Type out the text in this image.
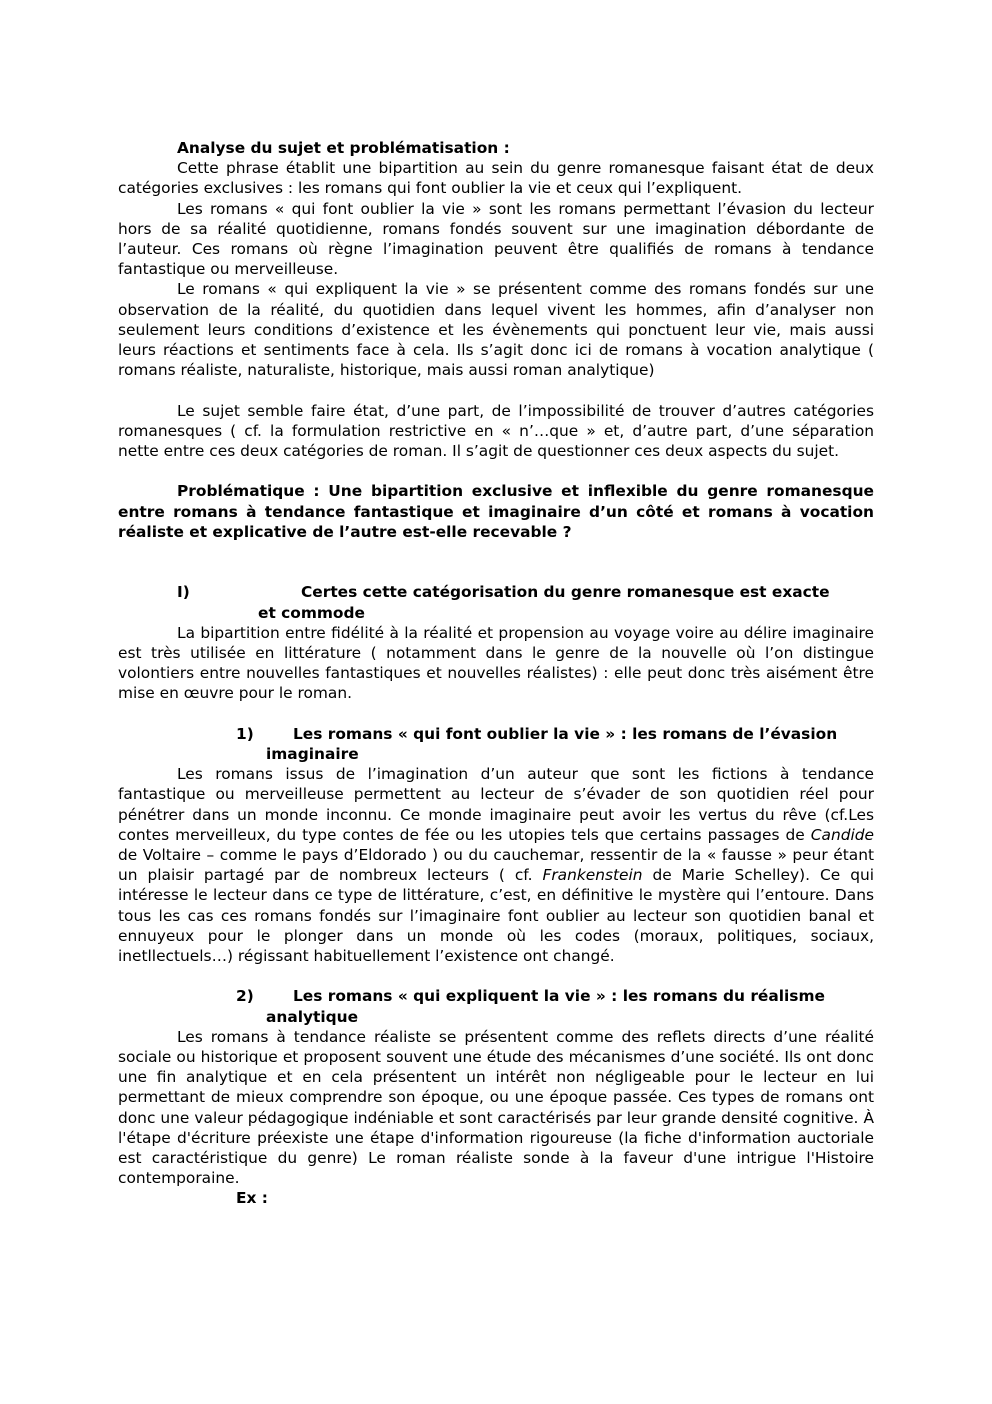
Analyse du sujet et problématisation :

Cette phrase établit une bipartition au sein du genre romanesque faisant état de deux catégories exclusives : les romans qui font oublier la vie et ceux qui l’expliquent.

Les romans « qui font oublier la vie » sont les romans permettant l’évasion du lecteur hors de sa réalité quotidienne, romans fondés souvent sur une imagination débordante de l’auteur. Ces romans où règne l’imagination peuvent être qualifiés de romans à tendance fantastique ou merveilleuse.

Le romans « qui expliquent la vie » se présentent comme des romans fondés sur une observation de la réalité, du quotidien dans lequel vivent les hommes, afin d’analyser non seulement leurs conditions d’existence et les évènements qui ponctuent leur vie, mais aussi leurs réactions et sentiments face à cela. Ils s’agit donc ici de romans à vocation analytique ( romans réaliste, naturaliste, historique, mais aussi roman analytique)

Le sujet semble faire état, d’une part, de l’impossibilité de trouver d’autres catégories romanesques ( cf. la formulation restrictive en « n’…que » et, d’autre part, d’une séparation nette entre ces deux catégories de roman. Il s’agit de questionner ces deux aspects du sujet.

Problématique : Une bipartition exclusive et inflexible du genre romanesque entre romans à tendance fantastique et imaginaire d’un côté et romans à vocation réaliste et explicative de l’autre est-elle recevable ?

I)	Certes cette catégorisation du genre romanesque est exacte

et commode

La bipartition entre fidélité à la réalité et propension au voyage voire au délire imaginaire est très utilisée en littérature ( notamment dans le genre de la nouvelle où l’on distingue volontiers entre nouvelles fantastiques et nouvelles réalistes) : elle peut donc très aisément être mise en œuvre pour le roman.

1)	Les romans « qui font oublier la vie » : les romans de l’évasion

imaginaire

Les romans issus de l’imagination d’un auteur que sont les fictions à tendance fantastique ou merveilleuse permettent au lecteur de s’évader de son quotidien réel pour pénétrer dans un monde inconnu. Ce monde imaginaire peut avoir les vertus du rêve (cf.Les contes merveilleux, du type contes de fée ou les utopies tels que certains passages de Candide de Voltaire – comme le pays d’Eldorado ) ou du cauchemar, ressentir de la « fausse » peur étant un plaisir partagé par de nombreux lecteurs ( cf. Frankenstein de Marie Schelley). Ce qui intéresse le lecteur dans ce type de littérature, c’est, en définitive le mystère qui l’entoure. Dans tous les cas ces romans fondés sur l’imaginaire font oublier au lecteur son quotidien banal et ennuyeux pour le plonger dans un monde où les codes (moraux, politiques, sociaux, inetllectuels…) régissant habituellement l’existence ont changé.

2)	Les romans « qui expliquent la vie » : les romans du réalisme

analytique

Les romans à tendance réaliste se présentent comme des reflets directs d’une réalité sociale ou historique et proposent souvent une étude des mécanismes d’une société. Ils ont donc une fin analytique et en cela présentent un intérêt non négligeable pour le lecteur en lui permettant de mieux comprendre son époque, ou une époque passée. Ces types de romans ont donc une valeur pédagogique indéniable et sont caractérisés par leur grande densité cognitive. À l'étape d'écriture préexiste une étape d'information rigoureuse (la fiche d'information auctoriale est caractéristique du genre) Le roman réaliste sonde à la faveur d'une intrigue l'Histoire contemporaine.

Ex :
